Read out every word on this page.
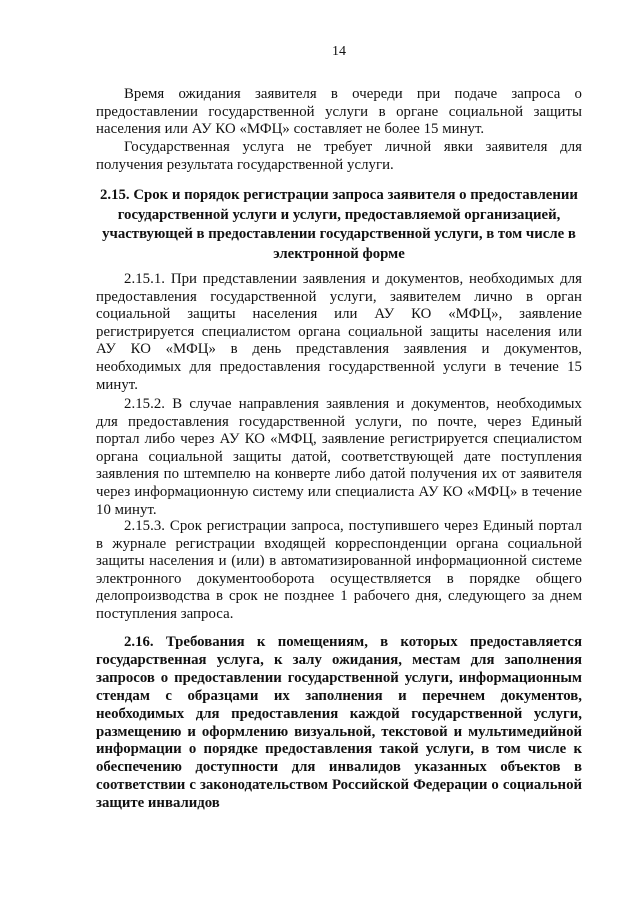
14

Время ожидания заявителя в очереди при подаче запроса о предоставлении государственной услуги в органе социальной защиты населения или АУ КО «МФЦ» составляет не более 15 минут.

Государственная услуга не требует личной явки заявителя для получения результата государственной услуги.

2.15. Срок и порядок регистрации запроса заявителя о предоставлении государственной услуги и услуги, предоставляемой организацией, участвующей в предоставлении государственной услуги, в том числе в электронной форме

2.15.1. При представлении заявления и документов, необходимых для предоставления государственной услуги, заявителем лично в орган социальной защиты населения или АУ КО «МФЦ», заявление регистрируется специалистом органа социальной защиты населения или АУ КО «МФЦ» в день представления заявления и документов, необходимых для предоставления государственной услуги в течение 15 минут.

2.15.2. В случае направления заявления и документов, необходимых для предоставления государственной услуги, по почте, через Единый портал либо через АУ КО «МФЦ, заявление регистрируется специалистом органа социальной защиты датой, соответствующей дате поступления заявления по штемпелю на конверте либо датой получения их от заявителя через информационную систему или специалиста АУ КО «МФЦ» в течение 10 минут.

2.15.3. Срок регистрации запроса, поступившего через Единый портал в журнале регистрации входящей корреспонденции органа социальной защиты населения и (или) в автоматизированной информационной системе электронного документооборота осуществляется в порядке общего делопроизводства в срок не позднее 1 рабочего дня, следующего за днем поступления запроса.

2.16. Требования к помещениям, в которых предоставляется государственная услуга, к залу ожидания, местам для заполнения запросов о предоставлении государственной услуги, информационным стендам с образцами их заполнения и перечнем документов, необходимых для предоставления каждой государственной услуги, размещению и оформлению визуальной, текстовой и мультимедийной информации о порядке предоставления такой услуги, в том числе к обеспечению доступности для инвалидов указанных объектов в соответствии с законодательством Российской Федерации о социальной защите инвалидов
